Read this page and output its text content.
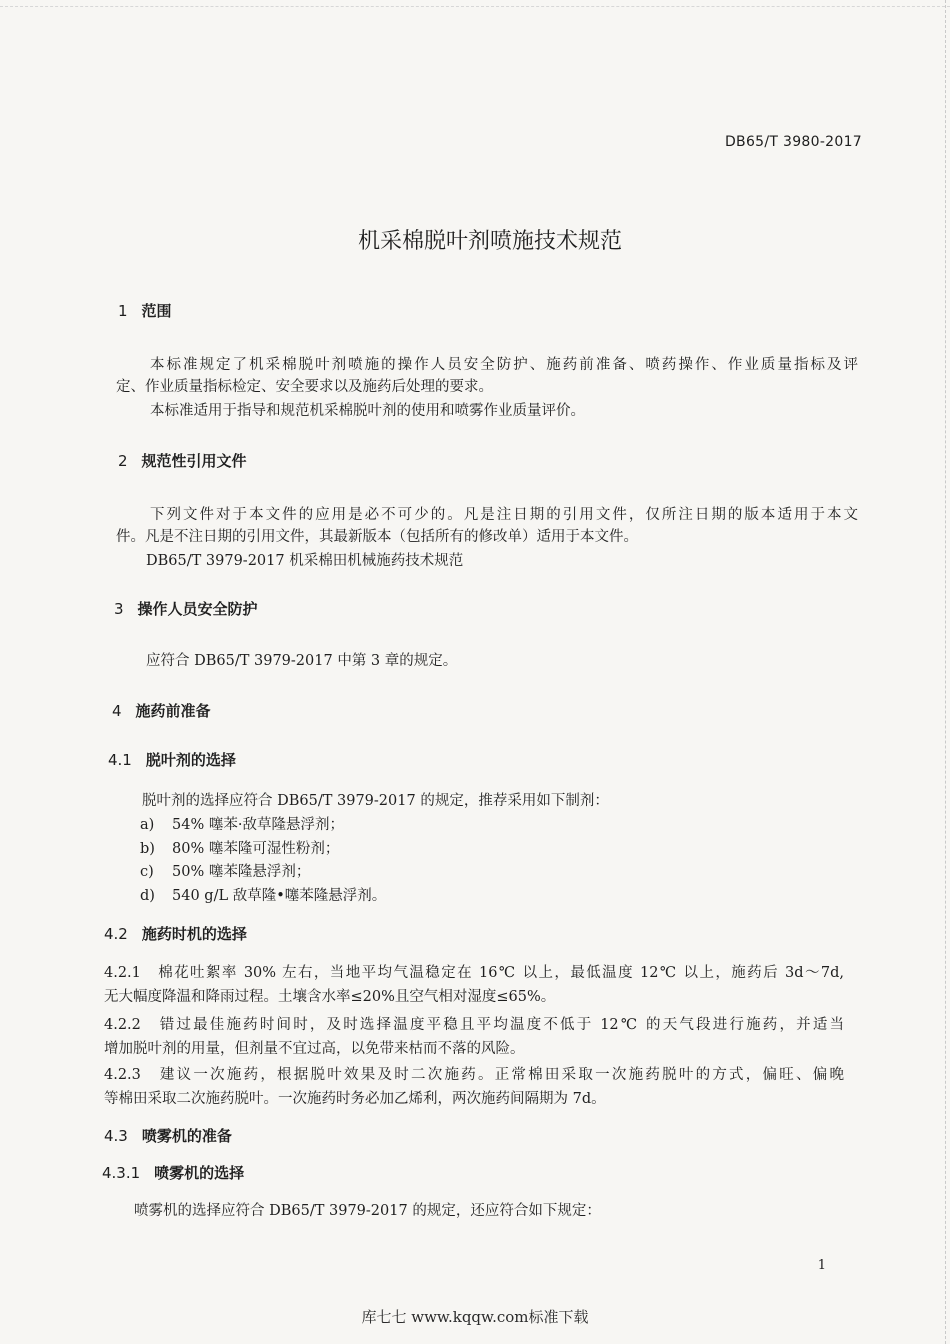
DB65/T 3980-2017
机采棉脱叶剂喷施技术规范
1 范围
本标准规定了机采棉脱叶剂喷施的操作人员安全防护、施药前准备、喷药操作、作业质量指标及评
定、作业质量指标检定、安全要求以及施药后处理的要求。
本标准适用于指导和规范机采棉脱叶剂的使用和喷雾作业质量评价。
2 规范性引用文件
下列文件对于本文件的应用是必不可少的。凡是注日期的引用文件，仅所注日期的版本适用于本文
件。凡是不注日期的引用文件，其最新版本（包括所有的修改单）适用于本文件。
DB65/T 3979-2017 机采棉田机械施药技术规范
3 操作人员安全防护
应符合 DB65/T 3979-2017 中第 3 章的规定。
4 施药前准备
4.1 脱叶剂的选择
脱叶剂的选择应符合 DB65/T 3979-2017 的规定，推荐采用如下制剂：
a) 54% 噻苯·敌草隆悬浮剂；
b) 80% 噻苯隆可湿性粉剂；
c) 50% 噻苯隆悬浮剂；
d) 540 g/L 敌草隆•噻苯隆悬浮剂。
4.2 施药时机的选择
4.2.1　棉花吐絮率 30% 左右，当地平均气温稳定在 16℃ 以上，最低温度 12℃ 以上，施药后 3d～7d,
无大幅度降温和降雨过程。土壤含水率≤20%且空气相对湿度≤65%。
4.2.2　错过最佳施药时间时，及时选择温度平稳且平均温度不低于 12℃ 的天气段进行施药，并适当
增加脱叶剂的用量，但剂量不宜过高，以免带来枯而不落的风险。
4.2.3　建议一次施药，根据脱叶效果及时二次施药。正常棉田采取一次施药脱叶的方式，偏旺、偏晚
等棉田采取二次施药脱叶。一次施药时务必加乙烯利，两次施药间隔期为 7d。
4.3 喷雾机的准备
4.3.1 喷雾机的选择
喷雾机的选择应符合 DB65/T 3979-2017 的规定，还应符合如下规定：
1
库七七 www.kqqw.com标准下载
